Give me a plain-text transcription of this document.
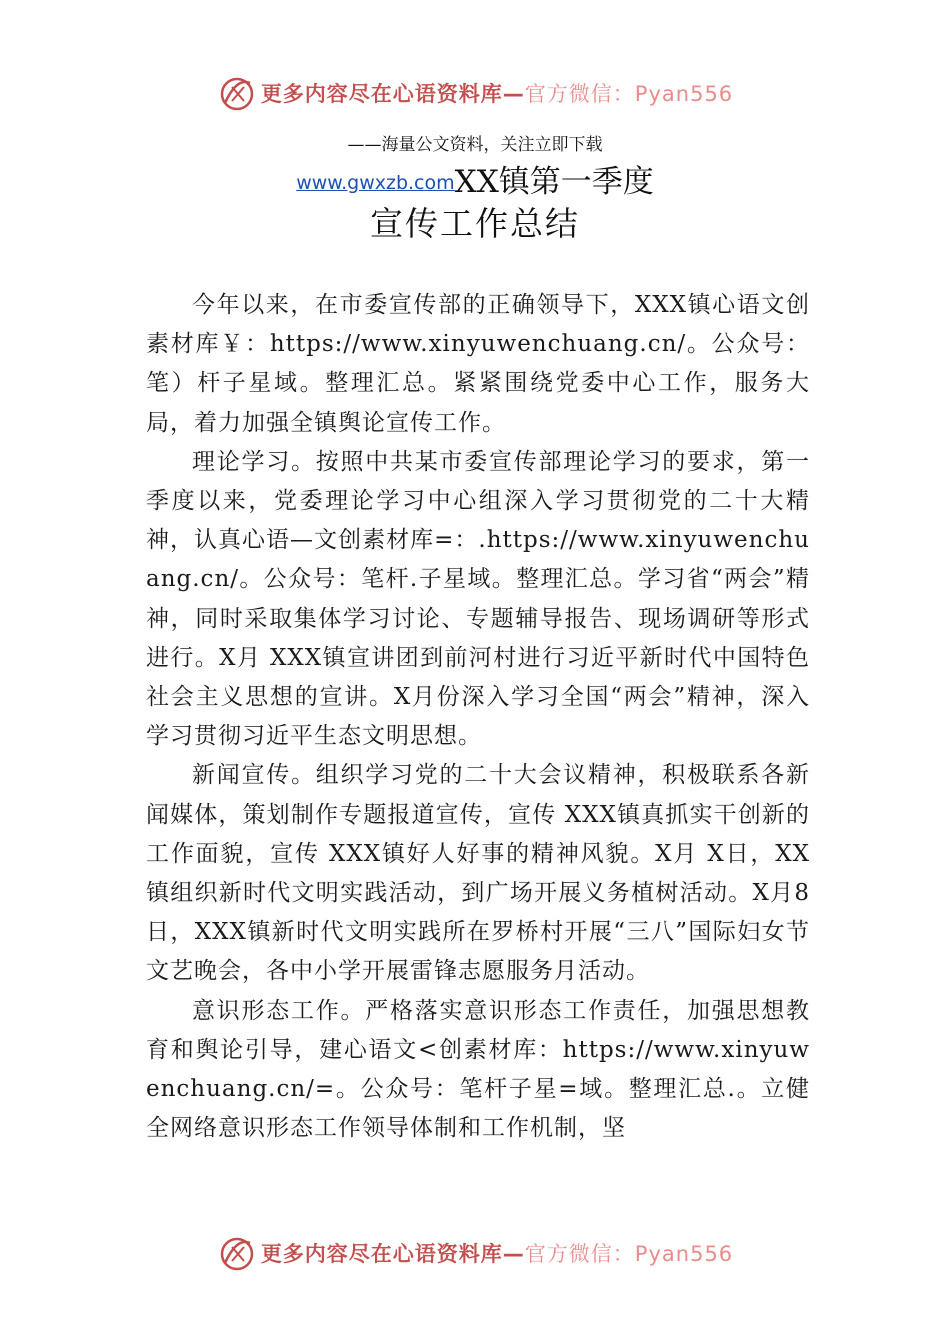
更多内容尽在心语资料库— 官方微信：Pyan556
——海量公文资料，关注立即下载
www.gwxzb.comXX镇第一季度
宣传工作总结

今年以来，在市委宣传部的正确领导下，XXX镇心语文创素材库￥：https://www.xinyuwenchuang.cn/。公众号：笔）杆子星域。整理汇总。紧紧围绕党委中心工作，服务大局，着力加强全镇舆论宣传工作。

理论学习。按照中共某市委宣传部理论学习的要求，第一季度以来，党委理论学习中心组深入学习贯彻党的二十大精神，认真心语—文创素材库=：.https://www.xinyuwenchuang.cn/。公众号：笔杆.子星域。整理汇总。学习省“两会”精神，同时采取集体学习讨论、专题辅导报告、现场调研等形式进行。X月 XXX镇宣讲团到前河村进行习近平新时代中国特色社会主义思想的宣讲。X月份深入学习全国“两会”精神，深入学习贯彻习近平生态文明思想。

新闻宣传。组织学习党的二十大会议精神，积极联系各新闻媒体，策划制作专题报道宣传，宣传 XXX镇真抓实干创新的工作面貌，宣传 XXX镇好人好事的精神风貌。X月 X日，XX镇组织新时代文明实践活动，到广场开展义务植树活动。X月8日，XXX镇新时代文明实践所在罗桥村开展“三八”国际妇女节文艺晚会，各中小学开展雷锋志愿服务月活动。

意识形态工作。严格落实意识形态工作责任，加强思想教育和舆论引导，建心语文<创素材库：https://www.xinyuwenchuang.cn/=。公众号：笔杆子星=域。整理汇总.。立健全网络意识形态工作领导体制和工作机制，坚

更多内容尽在心语资料库— 官方微信：Pyan556
